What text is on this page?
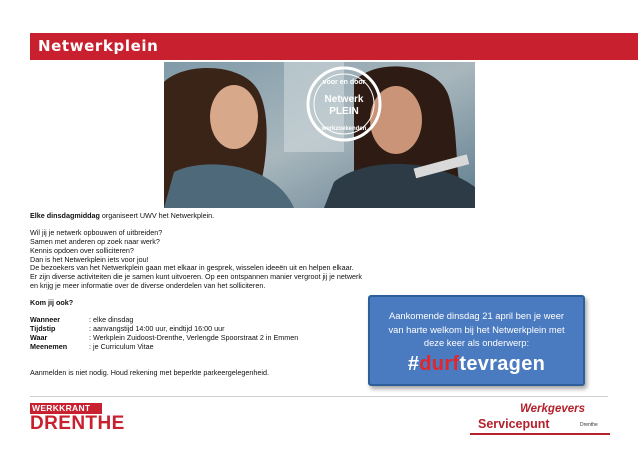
Netwerkplein
voor en door
Netwerk
PLEIN
werkzoekenden

Elke dinsdagmiddag organiseert UWV het Netwerkplein.

Wil jij je netwerk opbouwen of uitbreiden?

Samen met anderen op zoek naar werk?

Kennis opdoen over solliciteren?

Dan is het Netwerkplein iets voor jou!

De bezoekers van het Netwerkplein gaan met elkaar in gesprek, wisselen ideeën uit en helpen elkaar.

Er zijn diverse activiteiten die je samen kunt uitvoeren. Op een ontspannen manier vergroot jij je netwerk

en krijg je meer informatie over de diverse onderdelen van het solliciteren.

Kom jij ook?

Wanneer	: elke dinsdag
Tijdstip	: aanvangstijd 14:00 uur, eindtijd 16:00 uur
Waar	: Werkplein Zuidoost-Drenthe, Verlengde Spoorstraat 2 in Emmen
Meenemen	: je Curriculum Vitae

Aanmelden is niet nodig. Houd rekening met beperkte parkeergelegenheid.

Aankomende dinsdag 21 april ben je weer
van harte welkom bij het Netwerkplein met
deze keer als onderwerp:
#durftevragen
WERKKRANT
DRENTHE
Werkgevers
Servicepunt	Drenthe
